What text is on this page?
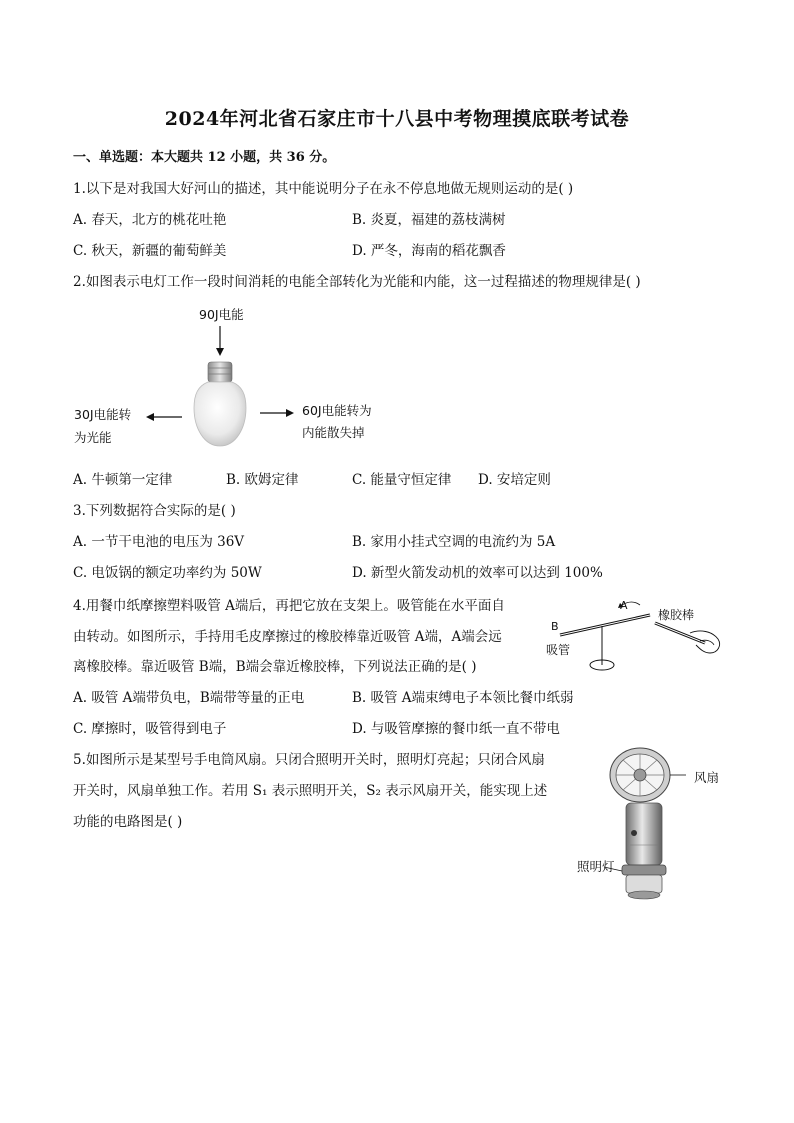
2024年河北省石家庄市十八县中考物理摸底联考试卷
一、单选题：本大题共 12 小题，共 36 分。
1.以下是对我国大好河山的描述，其中能说明分子在永不停息地做无规则运动的是( )
A. 春天，北方的桃花吐艳	B. 炎夏，福建的荔枝满树
C. 秋天，新疆的葡萄鲜美	D. 严冬，海南的稻花飘香
2.如图表示电灯工作一段时间消耗的电能全部转化为光能和内能，这一过程描述的物理规律是( )
90J电能
30J电能转
为光能
60J电能转为
内能散失掉
A. 牛顿第一定律	B. 欧姆定律	C. 能量守恒定律 D. 安培定则
3.下列数据符合实际的是( )
A. 一节干电池的电压为 36V	B. 家用小挂式空调的电流约为 5A
C. 电饭锅的额定功率约为 50W	D. 新型火箭发动机的效率可以达到 100%
4.用餐巾纸摩擦塑料吸管 A端后，再把它放在支架上。吸管能在水平面自
由转动。如图所示，手持用毛皮摩擦过的橡胶棒靠近吸管 A端，A端会远
离橡胶棒。靠近吸管 B端，B端会靠近橡胶棒，下列说法正确的是( )
A
B
吸管
橡胶棒
A. 吸管 A端带负电，B端带等量的正电	B. 吸管 A端束缚电子本领比餐巾纸弱
C. 摩擦时，吸管得到电子	D. 与吸管摩擦的餐巾纸一直不带电
5.如图所示是某型号手电筒风扇。只闭合照明开关时，照明灯亮起；只闭合风扇
开关时，风扇单独工作。若用 S₁ 表示照明开关，S₂ 表示风扇开关，能实现上述
功能的电路图是( )
风扇
照明灯
